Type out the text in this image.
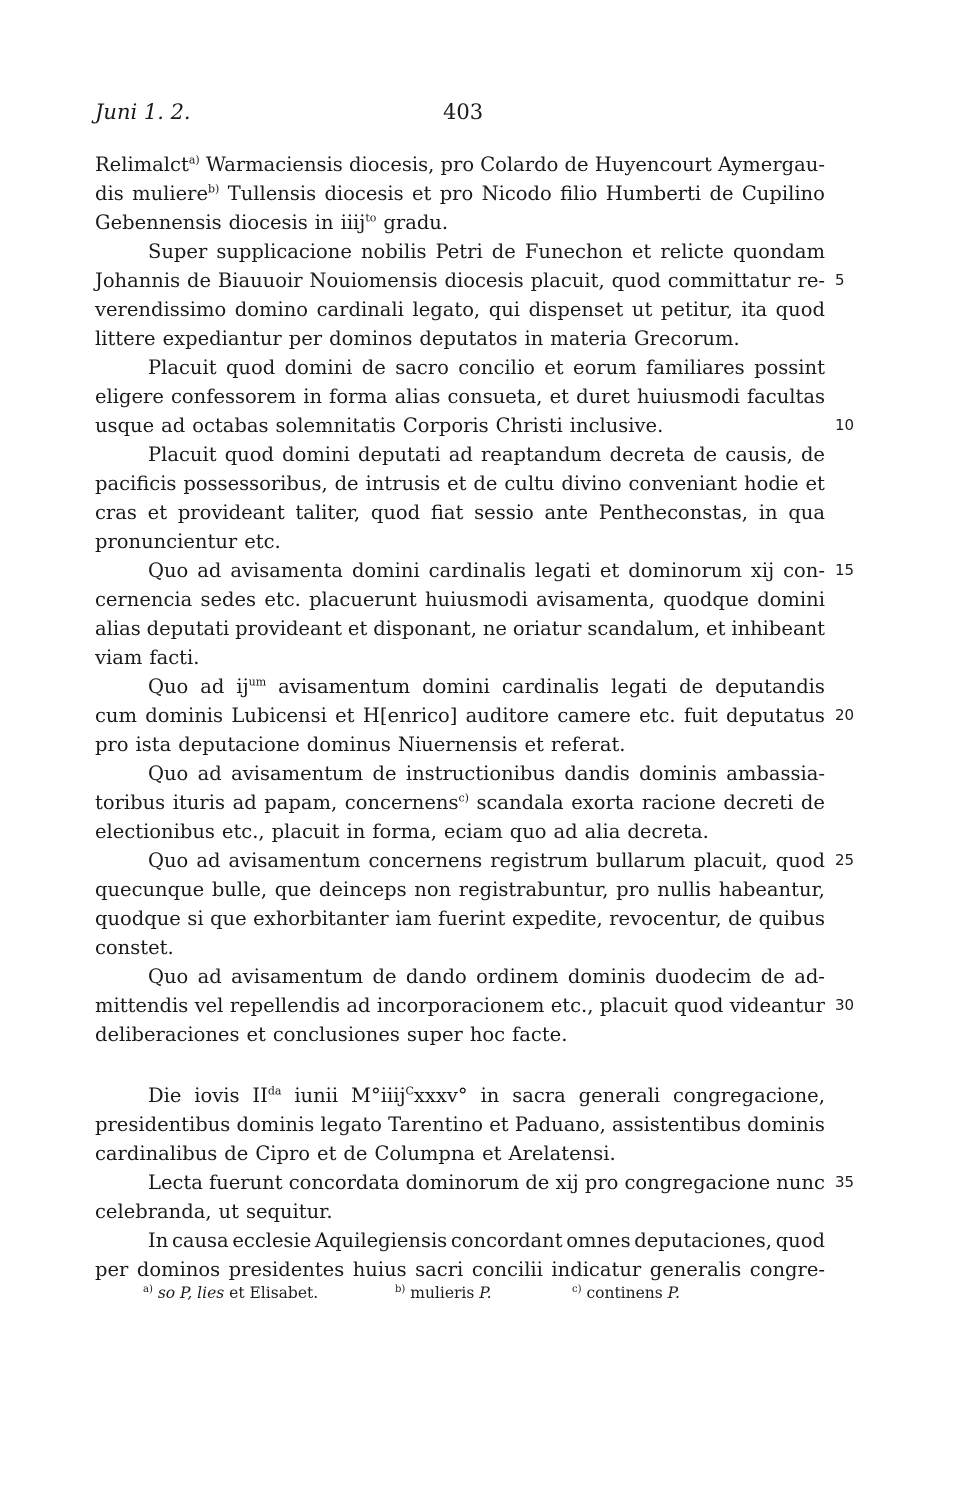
Juni 1. 2.	403
Relimalct$^{a)}$ Warmaciensis diocesis, pro Colardo de Huyencourt Aymergau-
dis muliere$^{b)}$ Tullensis diocesis et pro Nicodo filio Humberti de Cupilino
Gebennensis diocesis in iiij$^{to}$ gradu.
Super supplicacione nobilis Petri de Funechon et relicte quondam
Johannis de Biauuoir Nouiomensis diocesis placuit, quod committatur re-
verendissimo domino cardinali legato, qui dispenset ut petitur, ita quod
littere expediantur per dominos deputatos in materia Grecorum.
Placuit quod domini de sacro concilio et eorum familiares possint
eligere confessorem in forma alias consueta, et duret huiusmodi facultas
usque ad octabas solemnitatis Corporis Christi inclusive.
Placuit quod domini deputati ad reaptandum decreta de causis, de
pacificis possessoribus, de intrusis et de cultu divino conveniant hodie et
cras et provideant taliter, quod fiat sessio ante Pentheconstas, in qua
pronuncientur etc.
Quo ad avisamenta domini cardinalis legati et dominorum xij con-
cernencia sedes etc. placuerunt huiusmodi avisamenta, quodque domini
alias deputati provideant et disponant, ne oriatur scandalum, et inhibeant
viam facti.
Quo ad $ij^{um}$ avisamentum domini cardinalis legati de deputandis
cum dominis Lubicensi et H[enrico] auditore camere etc. fuit deputatus
pro ista deputacione dominus Niuernensis et referat.
Quo ad avisamentum de instructionibus dandis dominis ambassia-
toribus ituris ad papam, concernens$^{c)}$ scandala exorta racione decreti de
electionibus etc., placuit in forma, eciam quo ad alia decreta.
Quo ad avisamentum concernens registrum bullarum placuit, quod
quecunque bulle, que deinceps non registrabuntur, pro nullis habeantur,
quodque si que exhorbitanter iam fuerint expedite, revocentur, de quibus
constet.
Quo ad avisamentum de dando ordinem dominis duodecim de ad-
mittendis vel repellendis ad incorporacionem etc., placuit quod videantur
deliberaciones et conclusiones super hoc facte.
Die iovis $II^{da}$ iunii M°iiij$^C$xxxv° in sacra generali congregacione,
presidentibus dominis legato Tarentino et Paduano, assistentibus dominis
cardinalibus de Cipro et de Columpna et Arelatensi.
Lecta fuerunt concordata dominorum de xij pro congregacione nunc
celebranda, ut sequitur.
In causa ecclesie Aquilegiensis concordant omnes deputaciones, quod
per dominos presidentes huius sacri concilii indicatur generalis congre-
5
10
15
20
25
30
35
$^{a)}$ so P, lies et Elisabet.	$^{b)}$ mulieris P.	$^{c)}$ continens P.
